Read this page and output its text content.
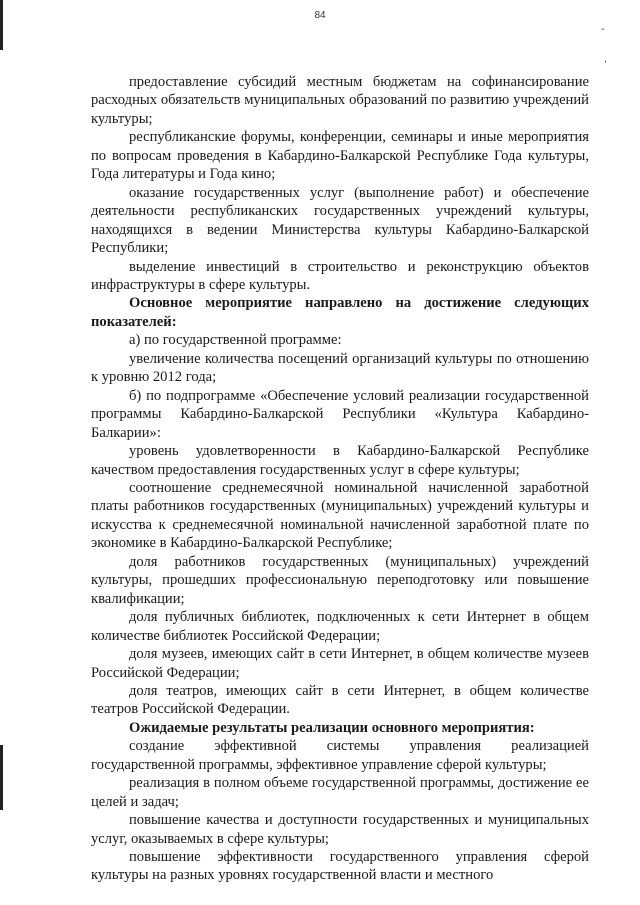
‑
ˈ
84

предоставление субсидий местным бюджетам на софинансирование расходных обязательств муниципальных образований по развитию учреждений культуры;

республиканские форумы, конференции, семинары и иные мероприятия по вопросам проведения в Кабардино-Балкарской Республике Года культуры, Года литературы и Года кино;

оказание государственных услуг (выполнение работ) и обеспечение деятельности республиканских государственных учреждений культуры, находящихся в ведении Министерства культуры Кабардино-Балкарской Республики;

выделение инвестиций в строительство и реконструкцию объектов инфраструктуры в сфере культуры.

Основное мероприятие направлено на достижение следующих показателей:

а) по государственной программе:

увеличение количества посещений организаций культуры по отношению к уровню 2012 года;

б) по подпрограмме «Обеспечение условий реализации государственной программы Кабардино-Балкарской Республики «Культура Кабардино-Балкарии»:

уровень удовлетворенности в Кабардино-Балкарской Республике качеством предоставления государственных услуг в сфере культуры;

соотношение среднемесячной номинальной начисленной заработной платы работников государственных (муниципальных) учреждений культуры и искусства к среднемесячной номинальной начисленной заработной плате по экономике в Кабардино-Балкарской Республике;

доля работников государственных (муниципальных) учреждений культуры, прошедших профессиональную переподготовку или повышение квалификации;

доля публичных библиотек, подключенных к сети Интернет в общем количестве библиотек Российской Федерации;

доля музеев, имеющих сайт в сети Интернет, в общем количестве музеев Российской Федерации;

доля театров, имеющих сайт в сети Интернет, в общем количестве театров Российской Федерации.

Ожидаемые результаты реализации основного мероприятия:

создание эффективной системы управления реализацией государственной программы, эффективное управление сферой культуры;

реализация в полном объеме государственной программы, достижение ее целей и задач;

повышение качества и доступности государственных и муниципальных услуг, оказываемых в сфере культуры;

повышение эффективности государственного управления сферой культуры на разных уровнях государственной власти и местного
